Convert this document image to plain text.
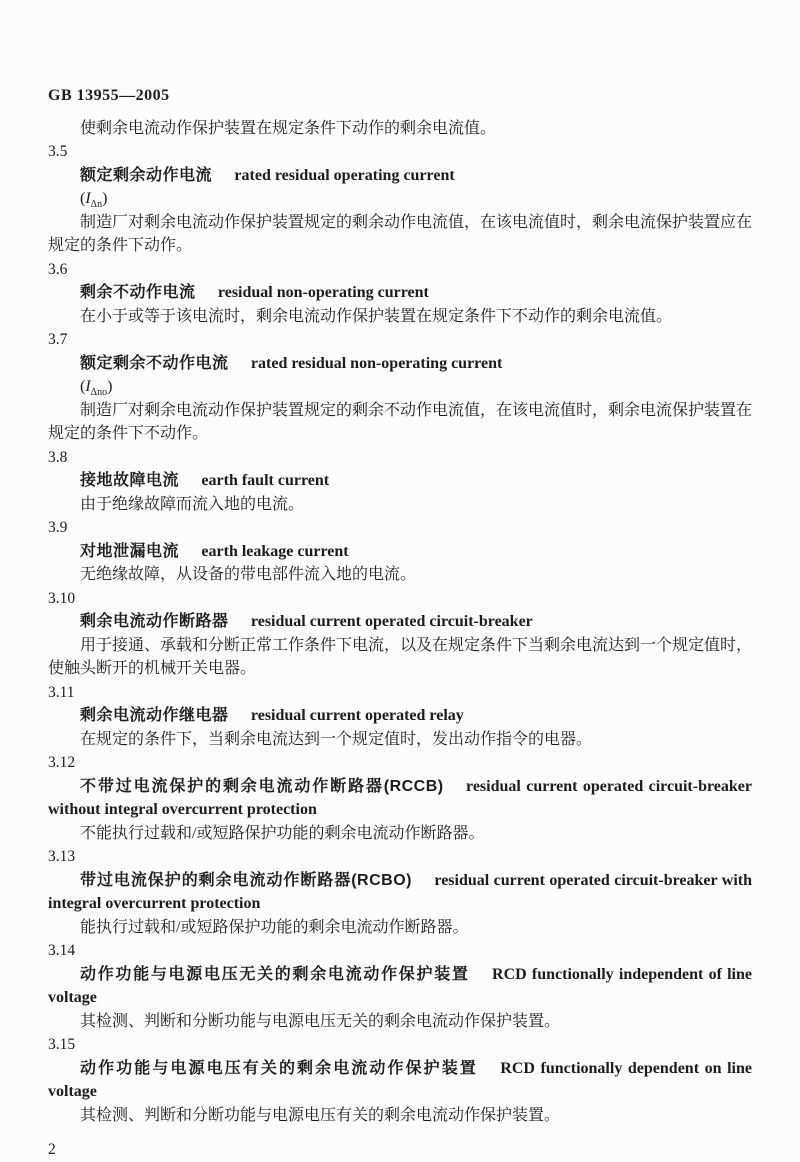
GB 13955—2005

使剩余电流动作保护装置在规定条件下动作的剩余电流值。

3.5

额定剩余动作电流 rated residual operating current

$(I_{\Delta n})$

制造厂对剩余电流动作保护装置规定的剩余动作电流值，在该电流值时，剩余电流保护装置应在规定的条件下动作。

3.6

剩余不动作电流 residual non-operating current

在小于或等于该电流时，剩余电流动作保护装置在规定条件下不动作的剩余电流值。

3.7

额定剩余不动作电流 rated residual non-operating current

$(I_{\Delta no})$

制造厂对剩余电流动作保护装置规定的剩余不动作电流值，在该电流值时，剩余电流保护装置在规定的条件下不动作。

3.8

接地故障电流 earth fault current

由于绝缘故障而流入地的电流。

3.9

对地泄漏电流 earth leakage current

无绝缘故障，从设备的带电部件流入地的电流。

3.10

剩余电流动作断路器 residual current operated circuit-breaker

用于接通、承载和分断正常工作条件下电流，以及在规定条件下当剩余电流达到一个规定值时，使触头断开的机械开关电器。

3.11

剩余电流动作继电器 residual current operated relay

在规定的条件下，当剩余电流达到一个规定值时，发出动作指令的电器。

3.12

不带过电流保护的剩余电流动作断路器(RCCB) residual current operated circuit-breaker without integral overcurrent protection

不能执行过载和/或短路保护功能的剩余电流动作断路器。

3.13

带过电流保护的剩余电流动作断路器(RCBO) residual current operated circuit-breaker with integral overcurrent protection

能执行过载和/或短路保护功能的剩余电流动作断路器。

3.14

动作功能与电源电压无关的剩余电流动作保护装置 RCD functionally independent of line voltage

其检测、判断和分断功能与电源电压无关的剩余电流动作保护装置。

3.15

动作功能与电源电压有关的剩余电流动作保护装置 RCD functionally dependent on line voltage

其检测、判断和分断功能与电源电压有关的剩余电流动作保护装置。

2
